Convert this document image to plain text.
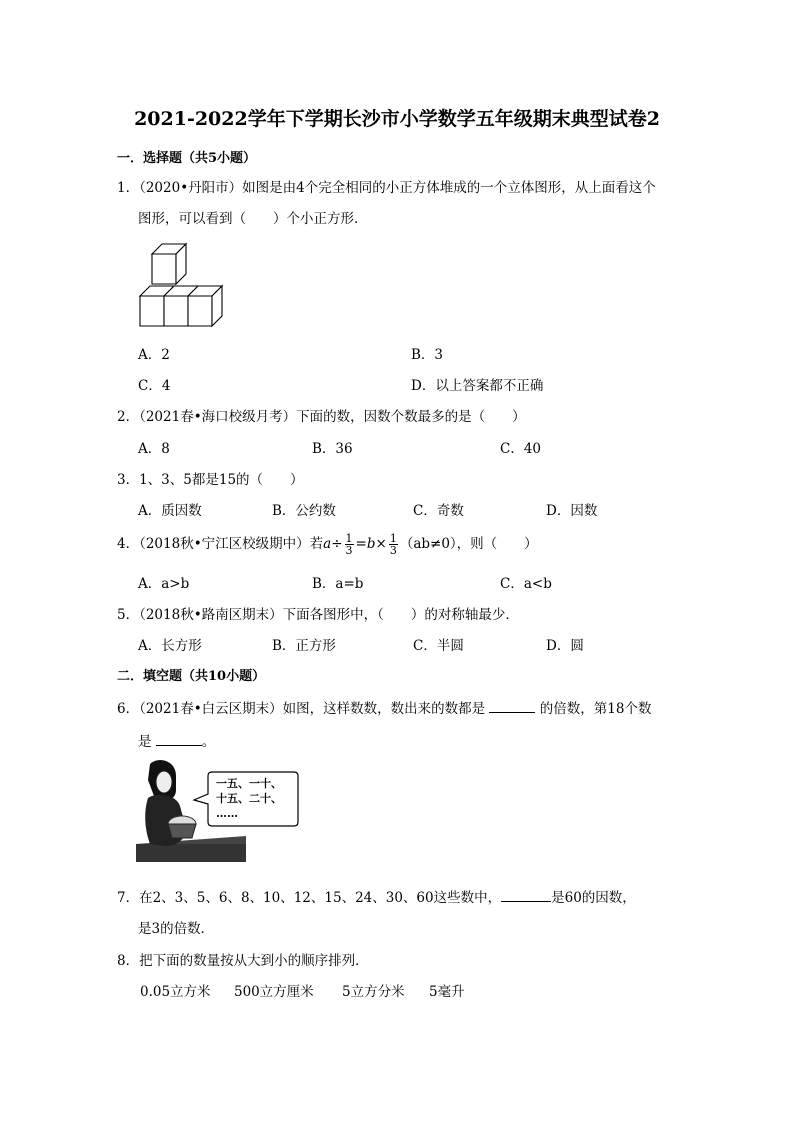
2021-2022学年下学期长沙市小学数学五年级期末典型试卷2
一．选择题（共5小题）
1．（2020•丹阳市）如图是由4个完全相同的小正方体堆成的一个立体图形，从上面看这个
图形，可以看到（　　）个小正方形．
A．2	B．3
C．4	D．以上答案都不正确
2．（2021春•海口校级月考）下面的数，因数个数最多的是（　　）
A．8	B．36	C．40
3．1、3、5都是15的（　　）
A．质因数	B．公约数	C．奇数	D．因数
4．（2018秋•宁江区校级期中）若$a\div \frac{1}{3} =b\times \frac{1}{3} (ab\ne 0)$，则（　　）
A．a>b	B．a=b	C．a<b
5．（2018秋•路南区期末）下面各图形中，（　　）的对称轴最少．
A．长方形	B．正方形	C．半圆	D．圆
二．填空题（共10小题）
6．（2021春•白云区期末）如图，这样数数，数出来的数都是	的倍数，第18个数
是	。
一五、一十、
十五、二十、
……
7．在2、3、5、6、8、10、12、15、24、30、60这些数中，	是60的因数，
是3的倍数．
8．把下面的数量按从大到小的顺序排列．
0.05立方米 500立方厘米 5立方分米 5毫升
